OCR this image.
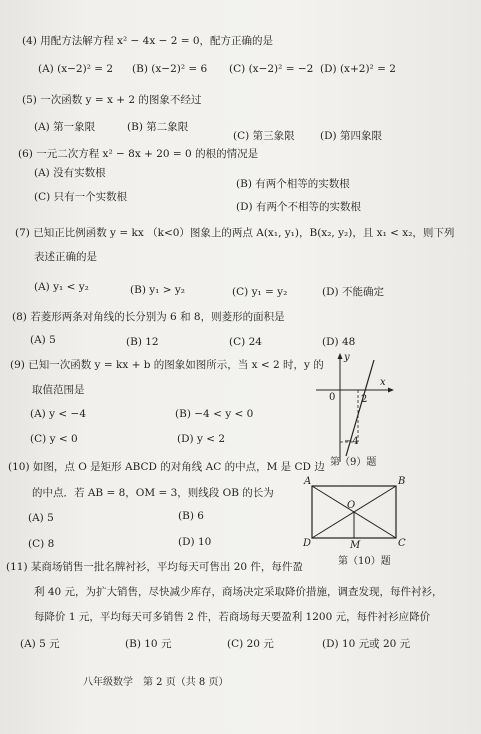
(4) 用配方法解方程 x² − 4x − 2 = 0，配方正确的是
(A) (x−2)² = 2 (B) (x−2)² = 6 (C) (x−2)² = −2 (D) (x+2)² = 2
(5) 一次函数 y = x + 2 的图象不经过
(A) 第一象限	(B) 第二象限
(C) 第三象限 (D) 第四象限
(6) 一元二次方程 x² − 8x + 20 = 0 的根的情况是
(A) 没有实数根
(B) 有两个相等的实数根
(C) 只有一个实数根
(D) 有两个不相等的实数根
(7) 已知正比例函数 y = kx （k<0）图象上的两点 A(x₁, y₁)，B(x₂, y₂)，且 x₁ < x₂，则下列
表述正确的是
(A) y₁ < y₂	(B) y₁ > y₂	(C) y₁ = y₂	(D) 不能确定
(8) 若菱形两条对角线的长分别为 6 和 8，则菱形的面积是
(A) 5	(B) 12	(C) 24	(D) 48
(9) 已知一次函数 y = kx + b 的图象如图所示，当 x < 2 时，y 的
取值范围是
(A) y < −4	(B) −4 < y < 0
(C) y < 0	(D) y < 2
x
y
0	2
−4
第（9）题
(10) 如图，点 O 是矩形 ABCD 的对角线 AC 的中点，M 是 CD 边
的中点．若 AB = 8，OM = 3，则线段 OB 的长为
(A) 5	(B) 6
(C) 8	(D) 10
A	B
C
D
O
M
第（10）题
(11) 某商场销售一批名牌衬衫，平均每天可售出 20 件，每件盈
利 40 元，为扩大销售，尽快减少库存，商场决定采取降价措施，调查发现，每件衬衫，
每降价 1 元，平均每天可多销售 2 件，若商场每天要盈利 1200 元，每件衬衫应降价
(A) 5 元	(B) 10 元	(C) 20 元	(D) 10 元或 20 元
八年级数学　第 2 页（共 8 页）
